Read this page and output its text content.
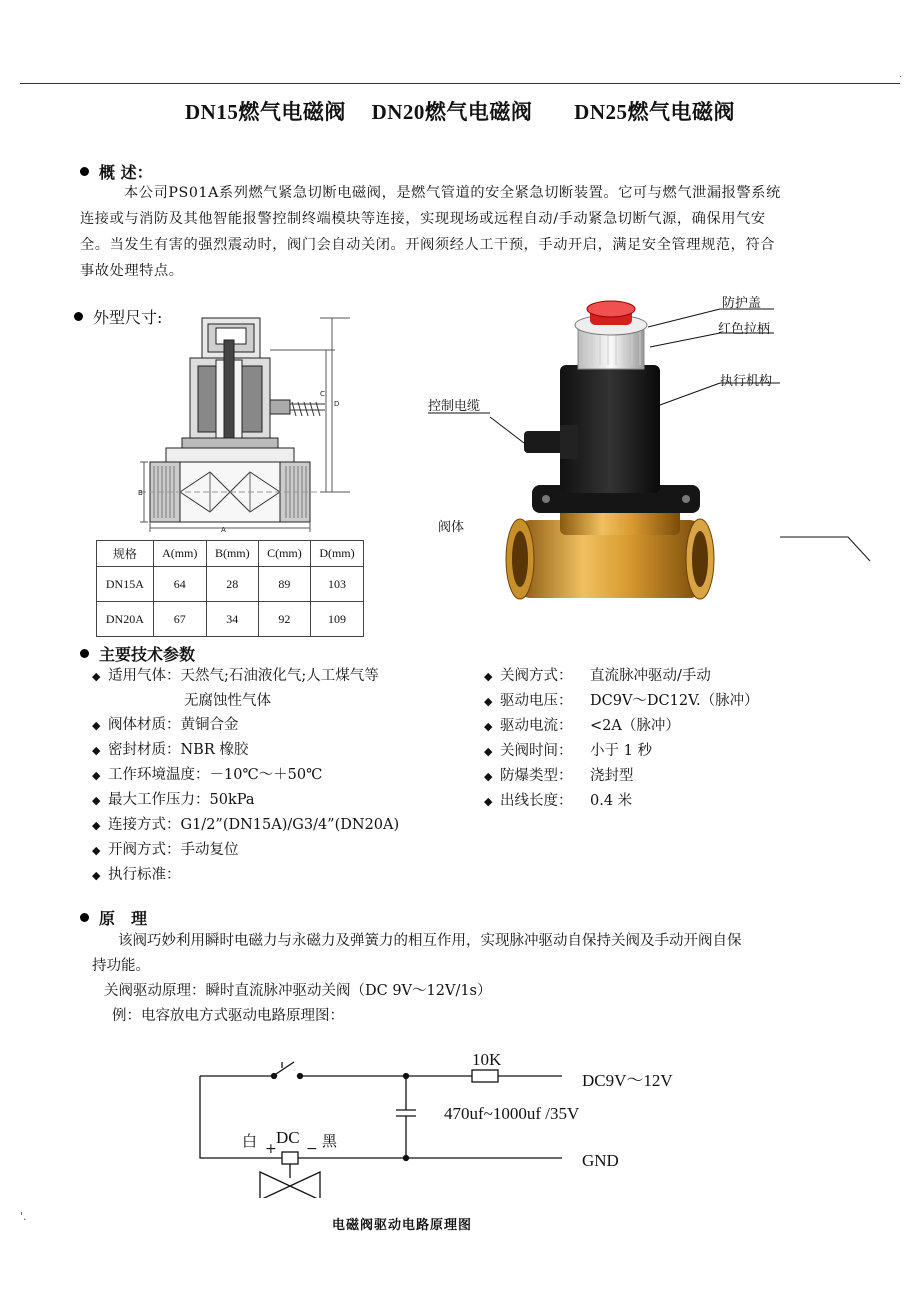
.
'.
DN15燃气电磁阀 DN20燃气电磁阀 DN25燃气电磁阀
概 述：
本公司PS01A系列燃气紧急切断电磁阀，是燃气管道的安全紧急切断装置。它可与燃气泄漏报警系统
连接或与消防及其他智能报警控制终端模块等连接，实现现场或远程自动/手动紧急切断气源，确保用气安
全。当发生有害的强烈震动时，阀门会自动关闭。开阀须经人工干预，手动开启，满足安全管理规范，符合
事故处理特点。
外型尺寸:
A
B
C
D
规格	A(mm)	B(mm)	C(mm)	D(mm)
DN15A	64	28	89	103
DN20A	67	34	92	109
防护盖
红色拉柄
执行机构
控制电缆
阀体
主要技术参数
◆ 适用气体：天然气;石油液化气;人工煤气等
无腐蚀性气体
◆ 阀体材质：黄铜合金
◆ 密封材质：NBR 橡胶
◆ 工作环境温度：－10℃～＋50℃
◆ 最大工作压力：50kPa
◆ 连接方式：G1/2”(DN15A)/G3/4”(DN20A)
◆ 开阀方式：手动复位
◆ 执行标准：
◆ 关阀方式： 直流脉冲驱动/手动
◆ 驱动电压： DC9V～DC12V.（脉冲）
◆ 驱动电流： <2A（脉冲）
◆ 关阀时间： 小于 1 秒
◆ 防爆类型： 浇封型
◆ 出线长度： 0.4 米
原　理
该阀巧妙利用瞬时电磁力与永磁力及弹簧力的相互作用，实现脉冲驱动自保持关阀及手动开阀自保
持功能。
关阀驱动原理：瞬时直流脉冲驱动关阀（DC 9V～12V/1s）
例：电容放电方式驱动电路原理图：
+ −
10K
DC9V～12V
470uf~1000uf /35V
白 DC 黑
GND
电磁阀驱动电路原理图
